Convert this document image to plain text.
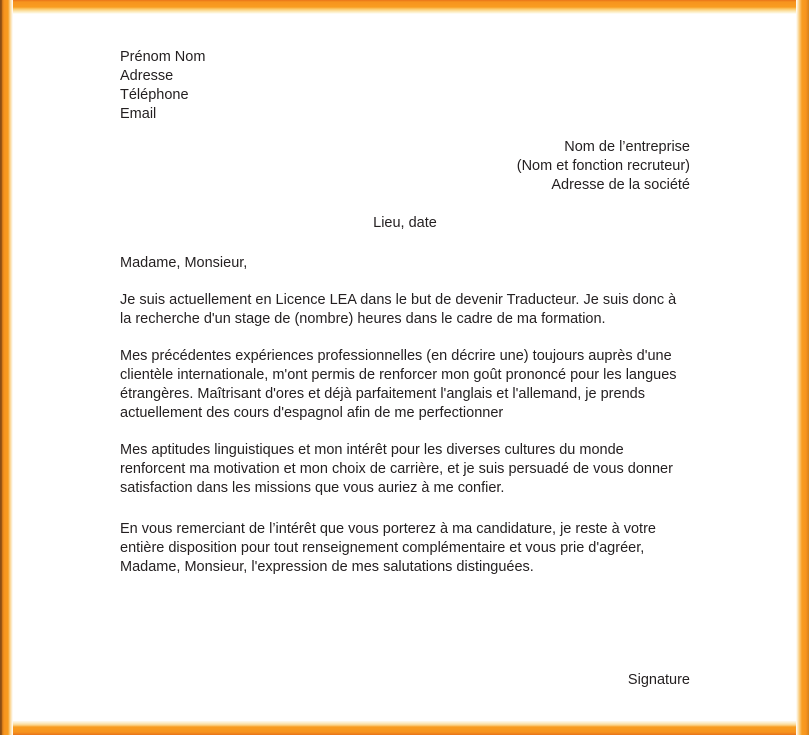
Prénom Nom
Adresse
Téléphone
Email
Nom de l’entreprise
(Nom et fonction recruteur)
Adresse de la société
Lieu, date
Madame, Monsieur,

Je suis actuellement en Licence LEA dans le but de devenir Traducteur. Je suis donc à la recherche d'un stage de (nombre) heures dans le cadre de ma formation.

Mes précédentes expériences professionnelles (en décrire une) toujours auprès d'une clientèle internationale, m'ont permis de renforcer mon goût prononcé pour les langues étrangères. Maîtrisant d'ores et déjà parfaitement l'anglais et l'allemand, je prends actuellement des cours d'espagnol afin de me perfectionner

Mes aptitudes linguistiques et mon intérêt pour les diverses cultures du monde renforcent ma motivation et mon choix de carrière, et je suis persuadé de vous donner satisfaction dans les missions que vous auriez à me confier.

En vous remerciant de l’intérêt que vous porterez à ma candidature, je reste à votre entière disposition pour tout renseignement complémentaire et vous prie d'agréer, Madame, Monsieur, l'expression de mes salutations distinguées.

Signature
